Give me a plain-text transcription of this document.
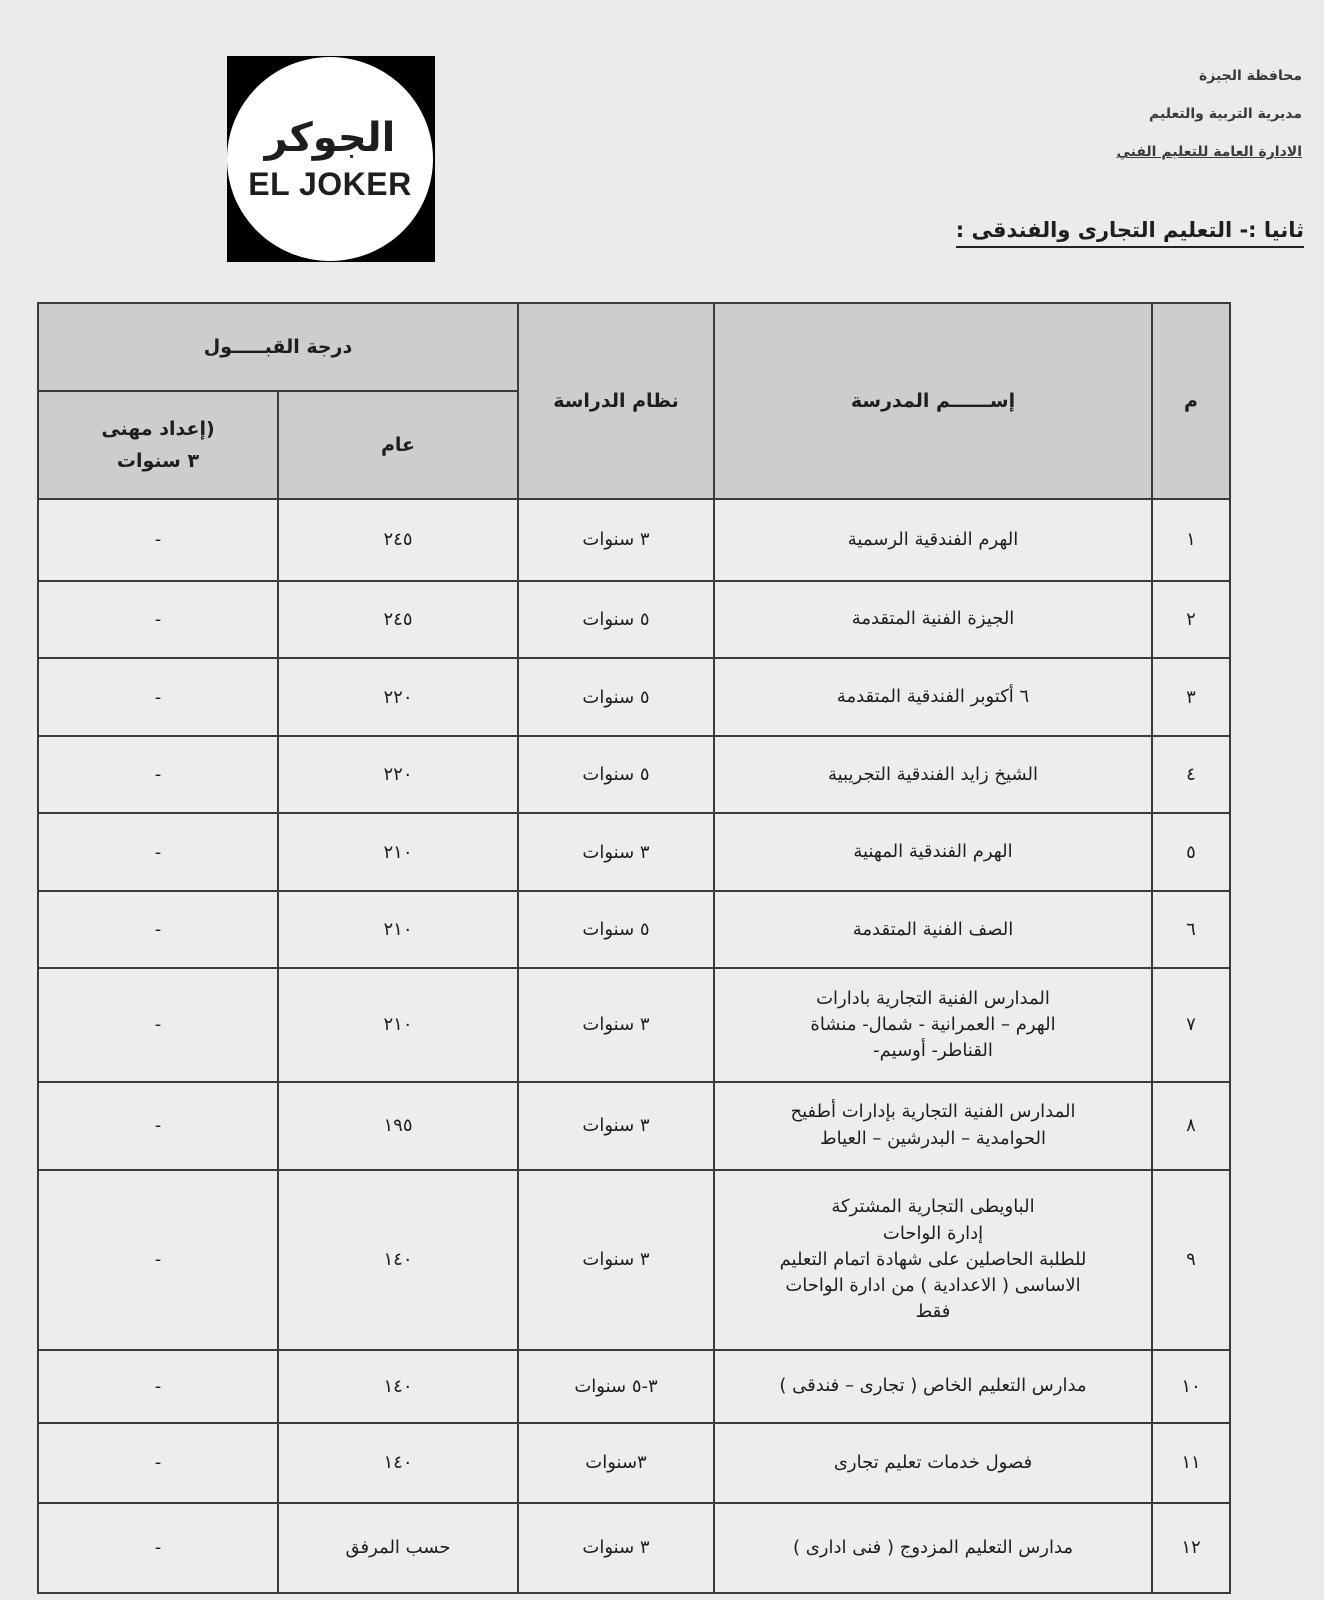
الجوكر
EL JOKER
محافظة الجيزة
مديرية التربية والتعليم
الادارة العامة للتعليم الفني
ثانيا :- التعليم التجارى والفندقى :
م	إســــــم المدرسة	نظام الدراسة	درجة القبـــــول	
			عام	(إعداد مهنى
٣ سنوات

١	الهرم الفندقية الرسمية	٣ سنوات	٢٤٥	-
٢	الجيزة الفنية المتقدمة	٥ سنوات	٢٤٥	-
٣	٦ أكتوبر الفندقية المتقدمة	٥ سنوات	٢٢٠	-
٤	الشيخ زايد الفندقية التجريبية	٥ سنوات	٢٢٠	-
٥	الهرم الفندقية المهنية	٣ سنوات	٢١٠	-
٦	الصف الفنية المتقدمة	٥ سنوات	٢١٠	-
٧	المدارس الفنية التجارية بادارات
الهرم – العمرانية - شمال- منشاة
القناطر- أوسيم-	٣ سنوات	٢١٠	-
٨	المدارس الفنية التجارية بإدارات أطفيح
الحوامدية – البدرشين – العياط	٣ سنوات	١٩٥	-
٩	الباويطى التجارية المشتركة
إدارة الواحات
للطلبة الحاصلين على شهادة اتمام التعليم
الاساسى ( الاعدادية ) من ادارة الواحات
فقط	٣ سنوات	١٤٠	-
١٠	مدارس التعليم الخاص ( تجارى – فندقى )	٣-٥ سنوات	١٤٠	-
١١	فصول خدمات تعليم تجارى	٣سنوات	١٤٠	-
١٢	مدارس التعليم المزدوج ( فنى ادارى )	٣ سنوات	حسب المرفق	-
